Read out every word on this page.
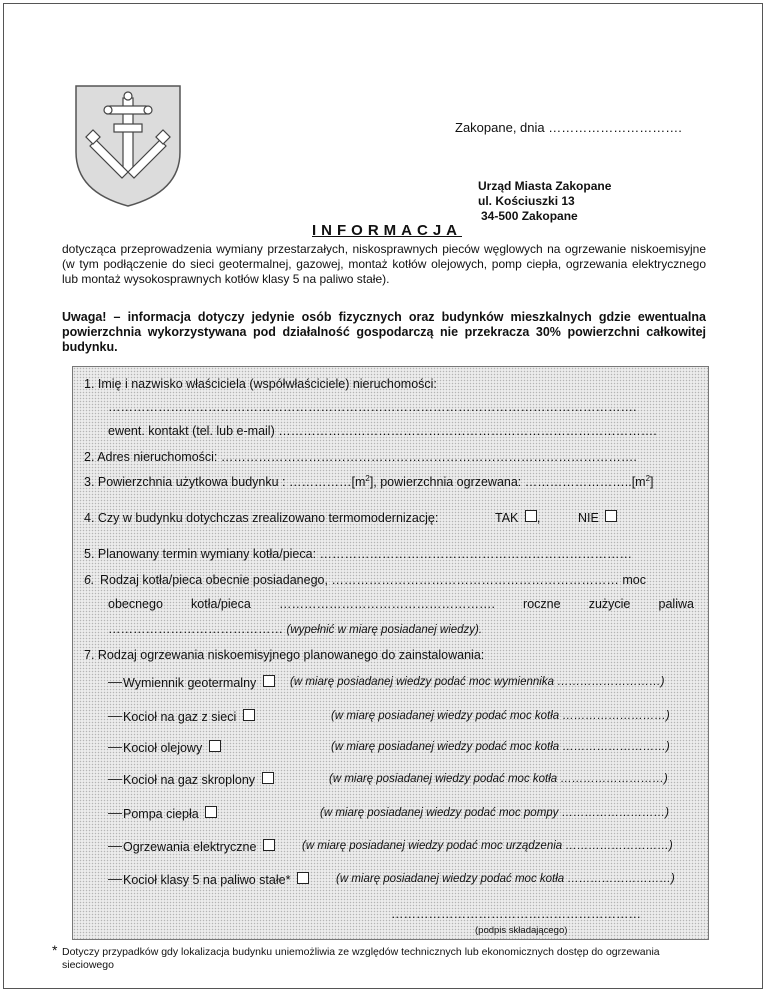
Zakopane, dnia ………………………….
Urząd Miasta Zakopane
ul. Kościuszki 13
34-500 Zakopane
INFORMACJA
dotycząca przeprowadzenia wymiany przestarzałych, niskosprawnych pieców węglowych na ogrzewanie niskoemisyjne (w tym podłączenie do sieci geotermalnej, gazowej, montaż kotłów olejowych, pomp ciepła, ogrzewania elektrycznego lub montaż wysokosprawnych kotłów klasy 5 na paliwo stałe).
Uwaga! – informacja dotyczy jedynie osób fizycznych oraz budynków mieszkalnych gdzie ewentualna powierzchnia wykorzystywana pod działalność gospodarczą nie przekracza 30% powierzchni całkowitej budynku.
1. Imię i nazwisko właściciela (współwłaściciele) nieruchomości:
……………………………………………………………………………………………………………….
ewent. kontakt (tel. lub e-mail) ……………………………………………………………………………….
2. Adres nieruchomości: ……………………………………………………………………………………….
3. Powierzchnia użytkowa budynku : $\dots\dots\dots\dots\dots[m^2]$, powierzchnia ogrzewana: $\dots\dots\dots\dots\dots\dots\dots\dots..[m^2]$
4. Czy w budynku dotychczas zrealizowano termomodernizację:	TAK ,	NIE
5. Planowany termin wymiany kotła/pieca: …………………………………………………………………
6. Rodzaj kotła/pieca obecnie posiadanego, …………………………………………………………… moc
obecnego kotła/pieca ……………………………………………. roczne zużycie paliwa
…………………………………… (wypełnić w miarę posiadanej wiedzy).
7. Rodzaj ogrzewania niskoemisyjnego planowanego do zainstalowania:
Wymiennik geotermalny	(w miarę posiadanej wiedzy podać moc wymiennika ………………………)
Kocioł na gaz z sieci	(w miarę posiadanej wiedzy podać moc kotła ………………………)
Kocioł olejowy	(w miarę posiadanej wiedzy podać moc kotła ………………………)
Kocioł na gaz skroplony	(w miarę posiadanej wiedzy podać moc kotła ………………………)
Pompa ciepła	(w miarę posiadanej wiedzy podać moc pompy ………………………)
Ogrzewania elektryczne	(w miarę posiadanej wiedzy podać moc urządzenia ………………………)
Kocioł klasy 5 na paliwo stałe*	(w miarę posiadanej wiedzy podać moc kotła ………………………)
……………………………………………………
(podpis składającego)
* Dotyczy przypadków gdy lokalizacja budynku uniemożliwia ze względów technicznych lub ekonomicznych dostęp do ogrzewania sieciowego
